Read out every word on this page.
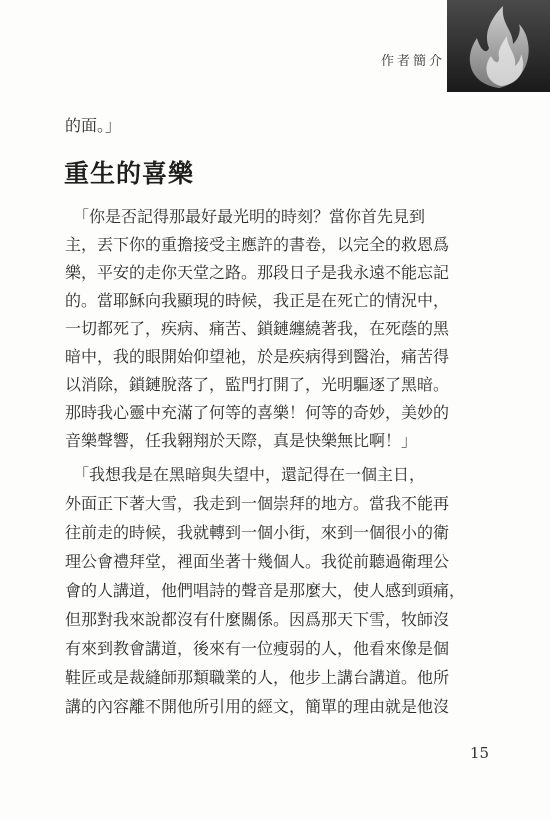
作者簡介

的面。」

重生的喜樂

　「你是否記得那最好最光明的時刻？當你首先見到

主，丟下你的重擔接受主應許的書卷，以完全的救恩爲

樂，平安的走你天堂之路。那段日子是我永遠不能忘記

的。當耶穌向我顯現的時候，我正是在死亡的情況中，

一切都死了，疾病、痛苦、鎖鏈纏繞著我，在死蔭的黑

暗中，我的眼開始仰望祂，於是疾病得到醫治，痛苦得

以消除，鎖鏈脫落了，監門打開了，光明驅逐了黑暗。

那時我心靈中充滿了何等的喜樂！何等的奇妙，美妙的

音樂聲響，任我翱翔於天際，真是快樂無比啊！」

　「我想我是在黑暗與失望中，還記得在一個主日，

外面正下著大雪，我走到一個崇拜的地方。當我不能再

往前走的時候，我就轉到一個小街，來到一個很小的衛

理公會禮拜堂，裡面坐著十幾個人。我從前聽過衛理公

會的人講道，他們唱詩的聲音是那麼大，使人感到頭痛，

但那對我來說都沒有什麼關係。因爲那天下雪，牧師沒

有來到教會講道，後來有一位瘦弱的人，他看來像是個

鞋匠或是裁縫師那類職業的人，他步上講台講道。他所

講的內容離不開他所引用的經文，簡單的理由就是他沒

15
